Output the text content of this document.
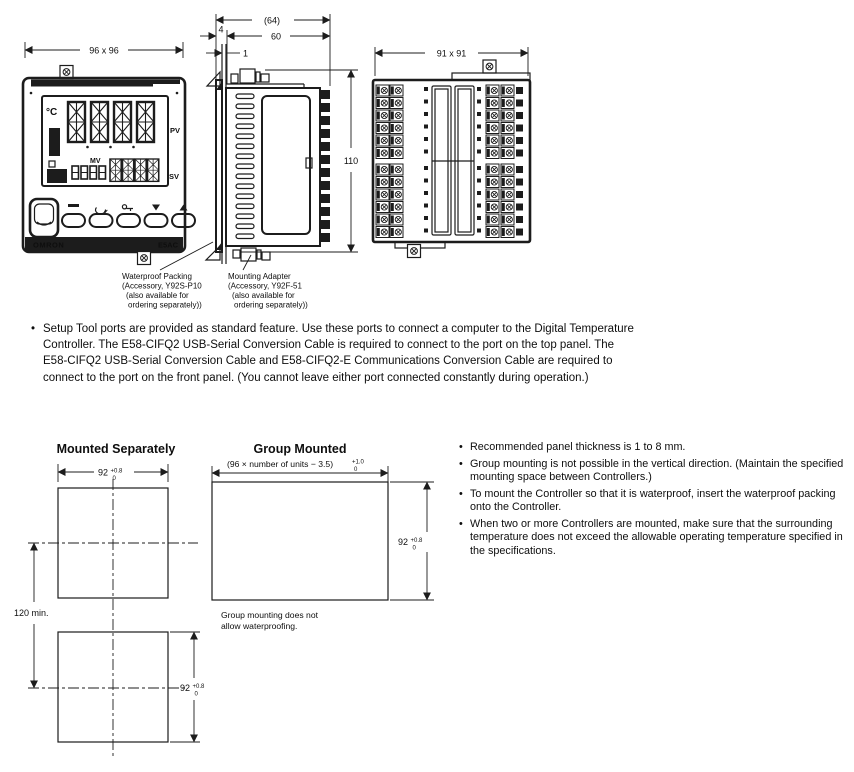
96 x 96
°C
PV
MV
SV
OMRON	E5AC
(64)
4
60
1
110
91 x 91
Waterproof Packing
(Accessory, Y92S-P10
(also available for
ordering separately))
Mounting Adapter
(Accessory, Y92F-51
(also available for
ordering separately))
• Setup Tool ports are provided as standard feature. Use these ports to connect a computer to the Digital Temperature Controller. The E58-CIFQ2 USB-Serial Conversion Cable is required to connect to the port on the top panel. The E58-CIFQ2 USB-Serial Conversion Cable and E58-CIFQ2-E Communications Conversion Cable are required to connect to the port on the front panel. (You cannot leave either port connected constantly during operation.)
Mounted Separately
92 +0.8
0
120 min.
92 +0.8
0
Group Mounted
(96 × number of units − 3.5)	+1.0
0
92 +0.8
0
Group mounting does not
allow waterproofing.
• Recommended panel thickness is 1 to 8 mm.
• Group mounting is not possible in the vertical direction. (Maintain the specified mounting space between Controllers.)
• To mount the Controller so that it is waterproof, insert the waterproof packing onto the Controller.
• When two or more Controllers are mounted, make sure that the surrounding temperature does not exceed the allowable operating temperature specified in the specifications.
